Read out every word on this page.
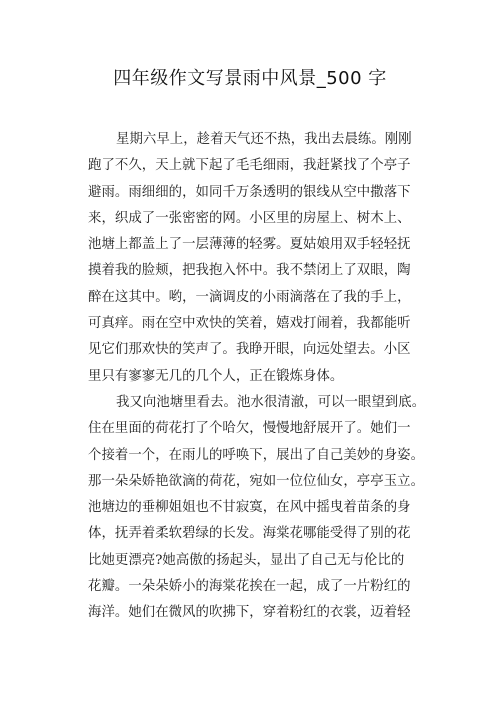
四年级作文写景雨中风景_500 字
星期六早上，趁着天气还不热，我出去晨练。刚刚
跑了不久，天上就下起了毛毛细雨，我赶紧找了个亭子
避雨。雨细细的，如同千万条透明的银线从空中撒落下
来，织成了一张密密的网。小区里的房屋上、树木上、
池塘上都盖上了一层薄薄的轻雾。夏姑娘用双手轻轻抚
摸着我的脸颊，把我抱入怀中。我不禁闭上了双眼，陶
醉在这其中。哟，一滴调皮的小雨滴落在了我的手上，
可真痒。雨在空中欢快的笑着，嬉戏打闹着，我都能听
见它们那欢快的笑声了。我睁开眼，向远处望去。小区
里只有寥寥无几的几个人，正在锻炼身体。
我又向池塘里看去。池水很清澈，可以一眼望到底。
住在里面的荷花打了个哈欠，慢慢地舒展开了。她们一
个接着一个，在雨儿的呼唤下，展出了自己美妙的身姿。
那一朵朵娇艳欲滴的荷花，宛如一位位仙女，亭亭玉立。
池塘边的垂柳姐姐也不甘寂寞，在风中摇曳着苗条的身
体，抚弄着柔软碧绿的长发。海棠花哪能受得了别的花
比她更漂亮?她高傲的扬起头，显出了自己无与伦比的
花瓣。一朵朵娇小的海棠花挨在一起，成了一片粉红的
海洋。她们在微风的吹拂下，穿着粉红的衣裳，迈着轻
